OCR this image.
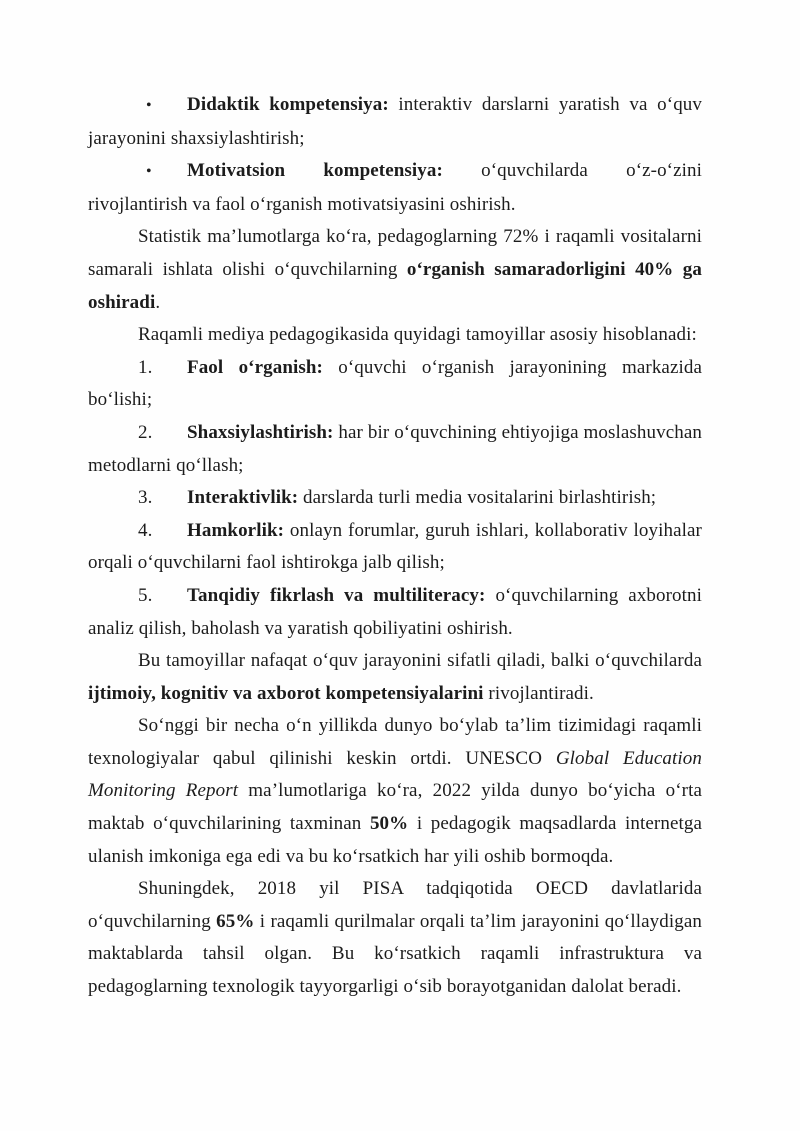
• Didaktik kompetensiya: interaktiv darslarni yaratish va o‘quv jarayonini shaxsiylashtirish;

• Motivatsion kompetensiya: o‘quvchilarda o‘z-o‘zini rivojlantirish va faol o‘rganish motivatsiyasini oshirish.

Statistik ma’lumotlarga ko‘ra, pedagoglarning 72% i raqamli vositalarni samarali ishlata olishi o‘quvchilarning o‘rganish samaradorligini 40% ga oshiradi.

Raqamli mediya pedagogikasida quyidagi tamoyillar asosiy hisoblanadi:

1. Faol o‘rganish: o‘quvchi o‘rganish jarayonining markazida bo‘lishi;

2. Shaxsiylashtirish: har bir o‘quvchining ehtiyojiga moslashuvchan metodlarni qo‘llash;

3. Interaktivlik: darslarda turli media vositalarini birlashtirish;

4. Hamkorlik: onlayn forumlar, guruh ishlari, kollaborativ loyihalar orqali o‘quvchilarni faol ishtirokga jalb qilish;

5. Tanqidiy fikrlash va multiliteracy: o‘quvchilarning axborotni analiz qilish, baholash va yaratish qobiliyatini oshirish.

Bu tamoyillar nafaqat o‘quv jarayonini sifatli qiladi, balki o‘quvchilarda ijtimoiy, kognitiv va axborot kompetensiyalarini rivojlantiradi.

So‘nggi bir necha o‘n yillikda dunyo bo‘ylab ta’lim tizimidagi raqamli texnologiyalar qabul qilinishi keskin ortdi. UNESCO Global Education Monitoring Report ma’lumotlariga ko‘ra, 2022 yilda dunyo bo‘yicha o‘rta maktab o‘quvchilarining taxminan 50% i pedagogik maqsadlarda internetga ulanish imkoniga ega edi va bu ko‘rsatkich har yili oshib bormoqda.

Shuningdek, 2018 yil PISA tadqiqotida OECD davlatlarida o‘quvchilarning 65% i raqamli qurilmalar orqali ta’lim jarayonini qo‘llaydigan maktablarda tahsil olgan. Bu ko‘rsatkich raqamli infrastruktura va pedagoglarning texnologik tayyorgarligi o‘sib borayotganidan dalolat beradi.
